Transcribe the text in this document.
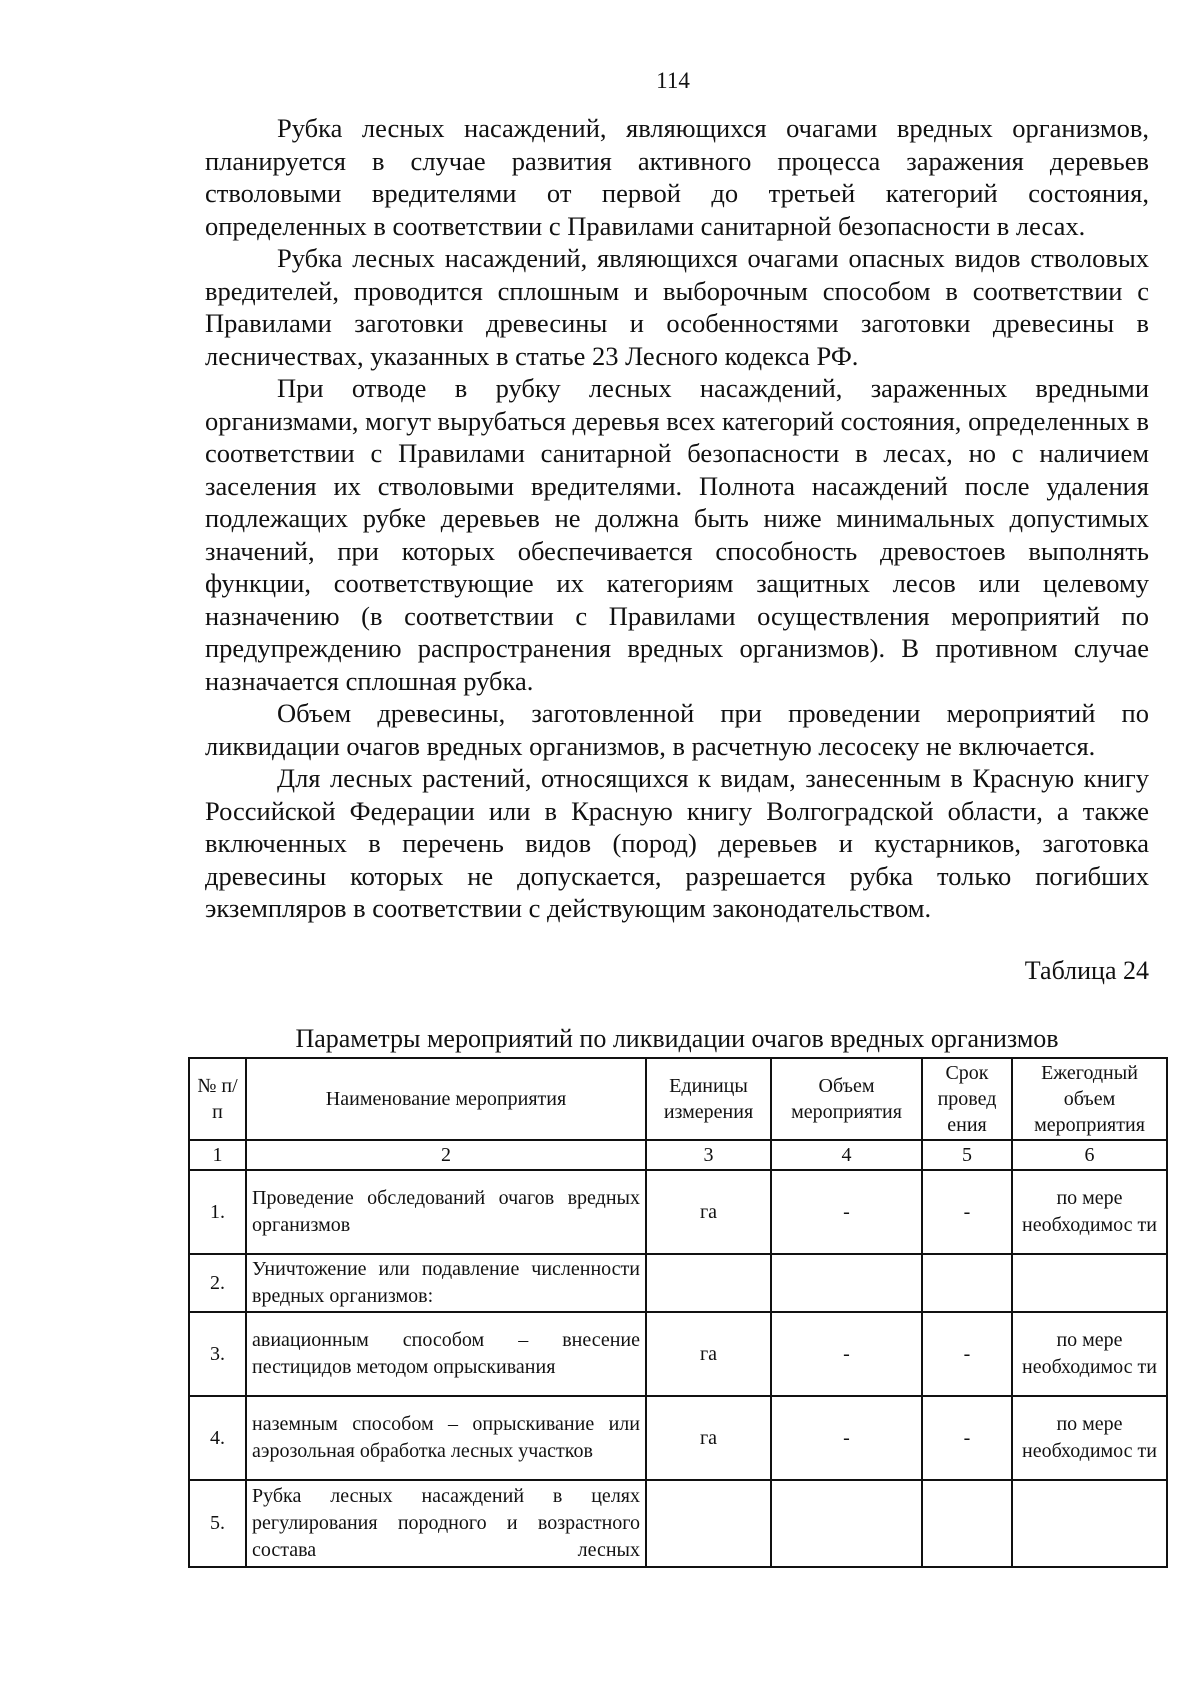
114

Рубка лесных насаждений, являющихся очагами вредных организмов, планируется в случае развития активного процесса заражения деревьев стволовыми вредителями от первой до третьей категорий состояния, определенных в соответствии с Правилами санитарной безопасности в лесах.

Рубка лесных насаждений, являющихся очагами опасных видов стволовых вредителей, проводится сплошным и выборочным способом в соответствии с Правилами заготовки древесины и особенностями заготовки древесины в лесничествах, указанных в статье 23 Лесного кодекса РФ.

При отводе в рубку лесных насаждений, зараженных вредными организмами, могут вырубаться деревья всех категорий состояния, определенных в соответствии с Правилами санитарной безопасности в лесах, но с наличием заселения их стволовыми вредителями. Полнота насаждений после удаления подлежащих рубке деревьев не должна быть ниже минимальных допустимых значений, при которых обеспечивается способность древостоев выполнять функции, соответствующие их категориям защитных лесов или целевому назначению (в соответствии с Правилами осуществления мероприятий по предупреждению распространения вредных организмов). В противном случае назначается сплошная рубка.

Объем древесины, заготовленной при проведении мероприятий по ликвидации очагов вредных организмов, в расчетную лесосеку не включается.

Для лесных растений, относящихся к видам, занесенным в Красную книгу Российской Федерации или в Красную книгу Волгоградской области, а также включенных в перечень видов (пород) деревьев и кустарников, заготовка древесины которых не допускается, разрешается рубка только погибших экземпляров в соответствии с действующим законодательством.

Таблица 24
Параметры мероприятий по ликвидации очагов вредных организмов
№ п/п	Наименование мероприятия	Единицы измерения	Объем мероприятия	Срок провед ения	Ежегодный объем мероприятия
1	2	3	4	5	6
1.	Проведение обследований очагов вредных организмов	га	-	-	по мере необходимос ти
2.	Уничтожение или подавление численности вредных организмов:				
3.	авиационным способом – внесение пестицидов методом опрыскивания	га	-	-	по мере необходимос ти
4.	наземным способом – опрыскивание или аэрозольная обработка лесных участков	га	-	-	по мере необходимос ти
5.	Рубка лесных насаждений в целях регулирования породного и возрастного состава лесных				
